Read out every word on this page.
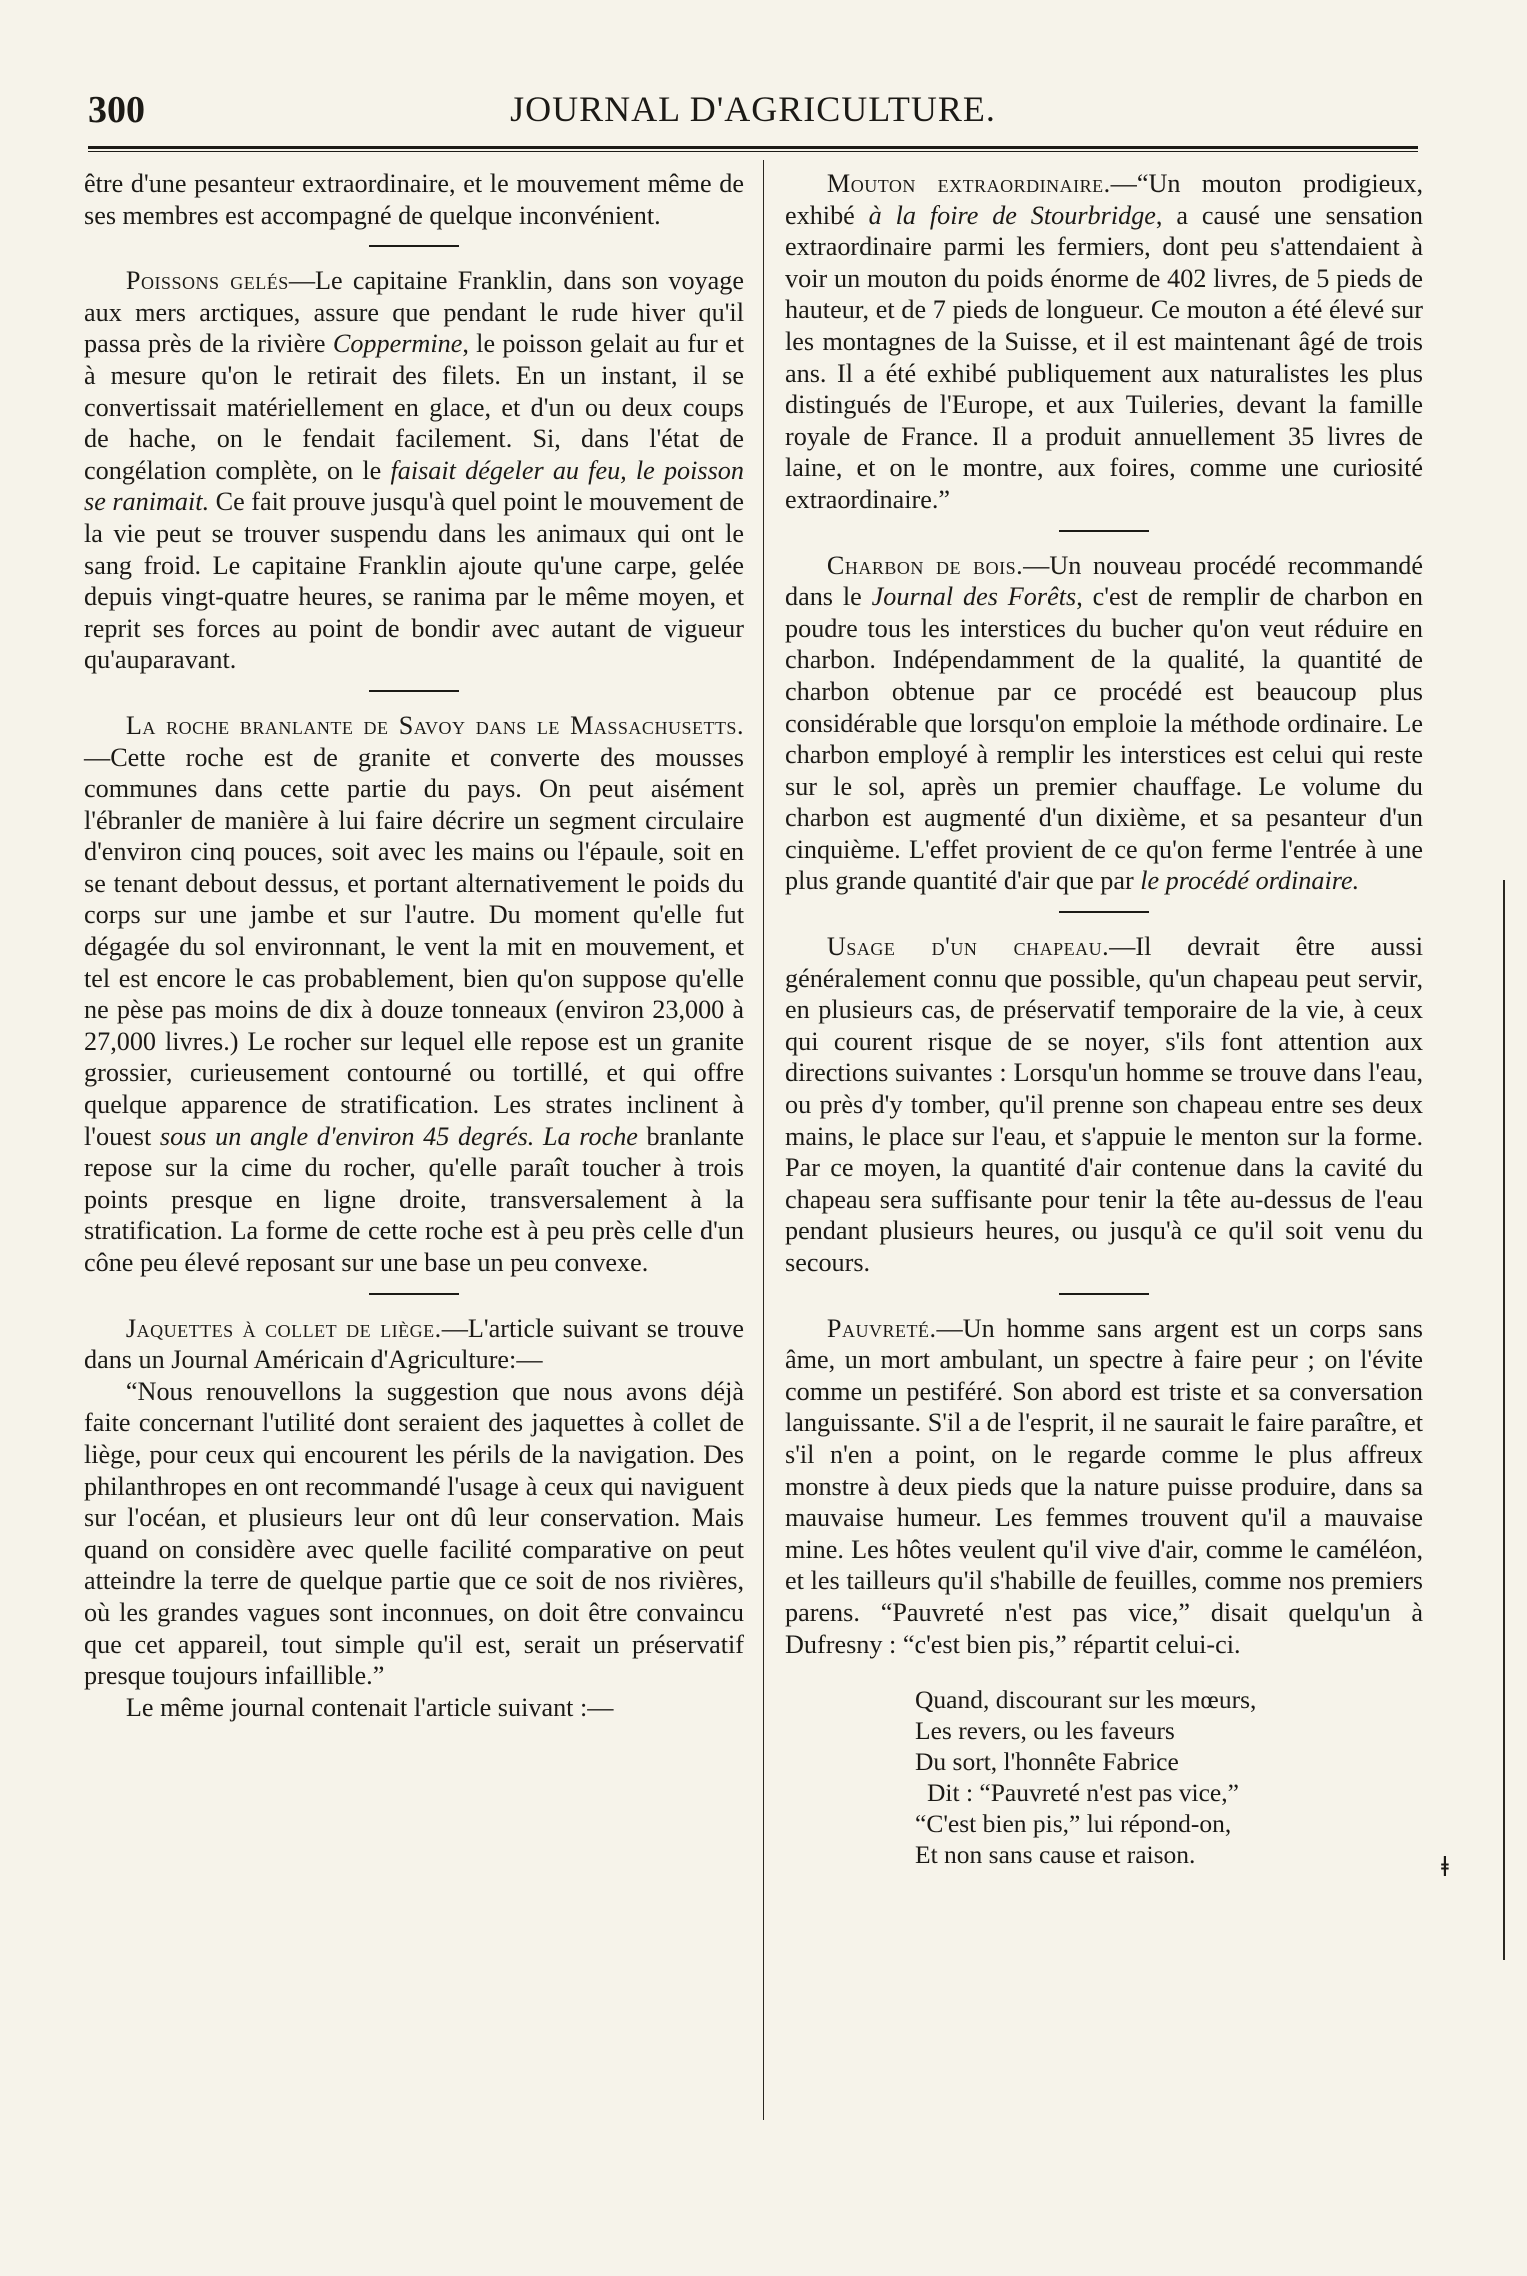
300	JOURNAL D'AGRICULTURE.

être d'une pesanteur extraordinaire, et le mouvement même de ses membres est accompagné de quelque inconvénient.

Poissons gelés—Le capitaine Franklin, dans son voyage aux mers arctiques, assure que pendant le rude hiver qu'il passa près de la rivière Coppermine, le poisson gelait au fur et à mesure qu'on le retirait des filets. En un instant, il se convertissait matériellement en glace, et d'un ou deux coups de hache, on le fendait facilement. Si, dans l'état de congélation complète, on le faisait dégeler au feu, le poisson se ranimait. Ce fait prouve jusqu'à quel point le mouvement de la vie peut se trouver suspendu dans les animaux qui ont le sang froid. Le capitaine Franklin ajoute qu'une carpe, gelée depuis vingt-quatre heures, se ranima par le même moyen, et reprit ses forces au point de bondir avec autant de vigueur qu'auparavant.

La roche branlante de Savoy dans le Massachusetts.—Cette roche est de granite et converte des mousses communes dans cette partie du pays. On peut aisément l'ébranler de manière à lui faire décrire un segment circulaire d'environ cinq pouces, soit avec les mains ou l'épaule, soit en se tenant debout dessus, et portant alternativement le poids du corps sur une jambe et sur l'autre. Du moment qu'elle fut dégagée du sol environnant, le vent la mit en mouvement, et tel est encore le cas probablement, bien qu'on suppose qu'elle ne pèse pas moins de dix à douze tonneaux (environ 23,000 à 27,000 livres.) Le rocher sur lequel elle repose est un granite grossier, curieusement contourné ou tortillé, et qui offre quelque apparence de stratification. Les strates inclinent à l'ouest sous un angle d'environ 45 degrés. La roche branlante repose sur la cime du rocher, qu'elle paraît toucher à trois points presque en ligne droite, transversalement à la stratification. La forme de cette roche est à peu près celle d'un cône peu élevé reposant sur une base un peu convexe.

Jaquettes à collet de liège.—L'article suivant se trouve dans un Journal Américain d'Agriculture:—

“Nous renouvellons la suggestion que nous avons déjà faite concernant l'utilité dont seraient des jaquettes à collet de liège, pour ceux qui encourent les périls de la navigation. Des philanthropes en ont recommandé l'usage à ceux qui naviguent sur l'océan, et plusieurs leur ont dû leur conservation. Mais quand on considère avec quelle facilité comparative on peut atteindre la terre de quelque partie que ce soit de nos rivières, où les grandes vagues sont inconnues, on doit être convaincu que cet appareil, tout simple qu'il est, serait un préservatif presque toujours infaillible.”

Le même journal contenait l'article suivant :—

Mouton extraordinaire.—“Un mouton prodigieux, exhibé à la foire de Stourbridge, a causé une sensation extraordinaire parmi les fermiers, dont peu s'attendaient à voir un mouton du poids énorme de 402 livres, de 5 pieds de hauteur, et de 7 pieds de longueur. Ce mouton a été élevé sur les montagnes de la Suisse, et il est maintenant âgé de trois ans. Il a été exhibé publiquement aux naturalistes les plus distingués de l'Europe, et aux Tuileries, devant la famille royale de France. Il a produit annuellement 35 livres de laine, et on le montre, aux foires, comme une curiosité extraordinaire.”

Charbon de bois.—Un nouveau procédé recommandé dans le Journal des Forêts, c'est de remplir de charbon en poudre tous les interstices du bucher qu'on veut réduire en charbon. Indépendamment de la qualité, la quantité de charbon obtenue par ce procédé est beaucoup plus considérable que lorsqu'on emploie la méthode ordinaire. Le charbon employé à remplir les interstices est celui qui reste sur le sol, après un premier chauffage. Le volume du charbon est augmenté d'un dixième, et sa pesanteur d'un cinquième. L'effet provient de ce qu'on ferme l'entrée à une plus grande quantité d'air que par le procédé ordinaire.

Usage d'un chapeau.—Il devrait être aussi généralement connu que possible, qu'un chapeau peut servir, en plusieurs cas, de préservatif temporaire de la vie, à ceux qui courent risque de se noyer, s'ils font attention aux directions suivantes : Lorsqu'un homme se trouve dans l'eau, ou près d'y tomber, qu'il prenne son chapeau entre ses deux mains, le place sur l'eau, et s'appuie le menton sur la forme. Par ce moyen, la quantité d'air contenue dans la cavité du chapeau sera suffisante pour tenir la tête au-dessus de l'eau pendant plusieurs heures, ou jusqu'à ce qu'il soit venu du secours.

Pauvreté.—Un homme sans argent est un corps sans âme, un mort ambulant, un spectre à faire peur ; on l'évite comme un pestiféré. Son abord est triste et sa conversation languissante. S'il a de l'esprit, il ne saurait le faire paraître, et s'il n'en a point, on le regarde comme le plus affreux monstre à deux pieds que la nature puisse produire, dans sa mauvaise humeur. Les femmes trouvent qu'il a mauvaise mine. Les hôtes veulent qu'il vive d'air, comme le caméléon, et les tailleurs qu'il s'habille de feuilles, comme nos premiers parens. “Pauvreté n'est pas vice,” disait quelqu'un à Dufresny : “c'est bien pis,” répartit celui-ci.

Quand, discourant sur les mœurs,
Les revers, ou les faveurs
Du sort, l'honnête Fabrice
Dit : “Pauvreté n'est pas vice,”
“C'est bien pis,” lui répond-on,
Et non sans cause et raison.	ǂ
